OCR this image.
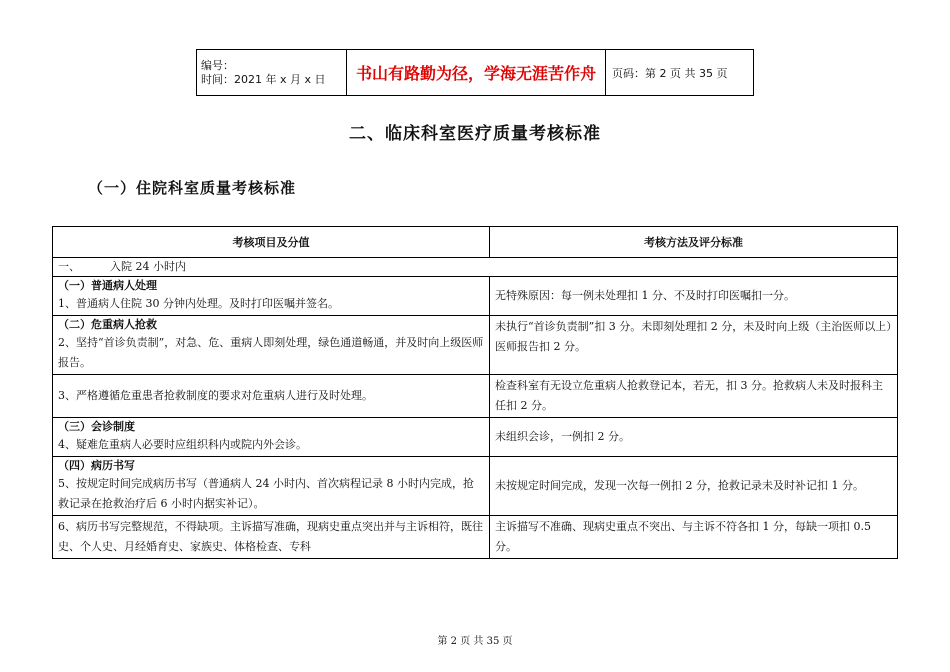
编号：
时间：2021 年 x 月 x 日	书山有路勤为径，学海无涯苦作舟	页码：第 2 页 共 35 页
二、临床科室医疗质量考核标准
（一）住院科室质量考核标准
考核项目及分值	考核方法及评分标准
一、 入院 24 小时内	

（一）普通病人处理
1、普通病人住院 30 分钟内处理。及时打印医嘱并签名。	无特殊原因：每一例未处理扣 1 分、不及时打印医嘱扣一分。

（二）危重病人抢救
2、坚持“首诊负责制”，对急、危、重病人即刻处理，绿色通道畅通，并及时向上级医师报告。	未执行“首诊负责制”扣 3 分。未即刻处理扣 2 分，未及时向上级（主治医师以上）医师报告扣 2 分。
3、严格遵循危重患者抢救制度的要求对危重病人进行及时处理。	检查科室有无设立危重病人抢救登记本，若无，扣 3 分。抢救病人未及时报科主任扣 2 分。

（三）会诊制度
4、疑难危重病人必要时应组织科内或院内外会诊。	未组织会诊，一例扣 2 分。

（四）病历书写
5、按规定时间完成病历书写（普通病人 24 小时内、首次病程记录 8 小时内完成，抢救记录在抢救治疗后 6 小时内据实补记）。	未按规定时间完成，发现一次每一例扣 2 分，抢救记录未及时补记扣 1 分。
6、病历书写完整规范，不得缺项。主诉描写准确，现病史重点突出并与主诉相符，既往史、个人史、月经婚育史、家族史、体格检查、专科	主诉描写不准确、现病史重点不突出、与主诉不符各扣 1 分，每缺一项扣 0.5 分。
第 2 页 共 35 页
